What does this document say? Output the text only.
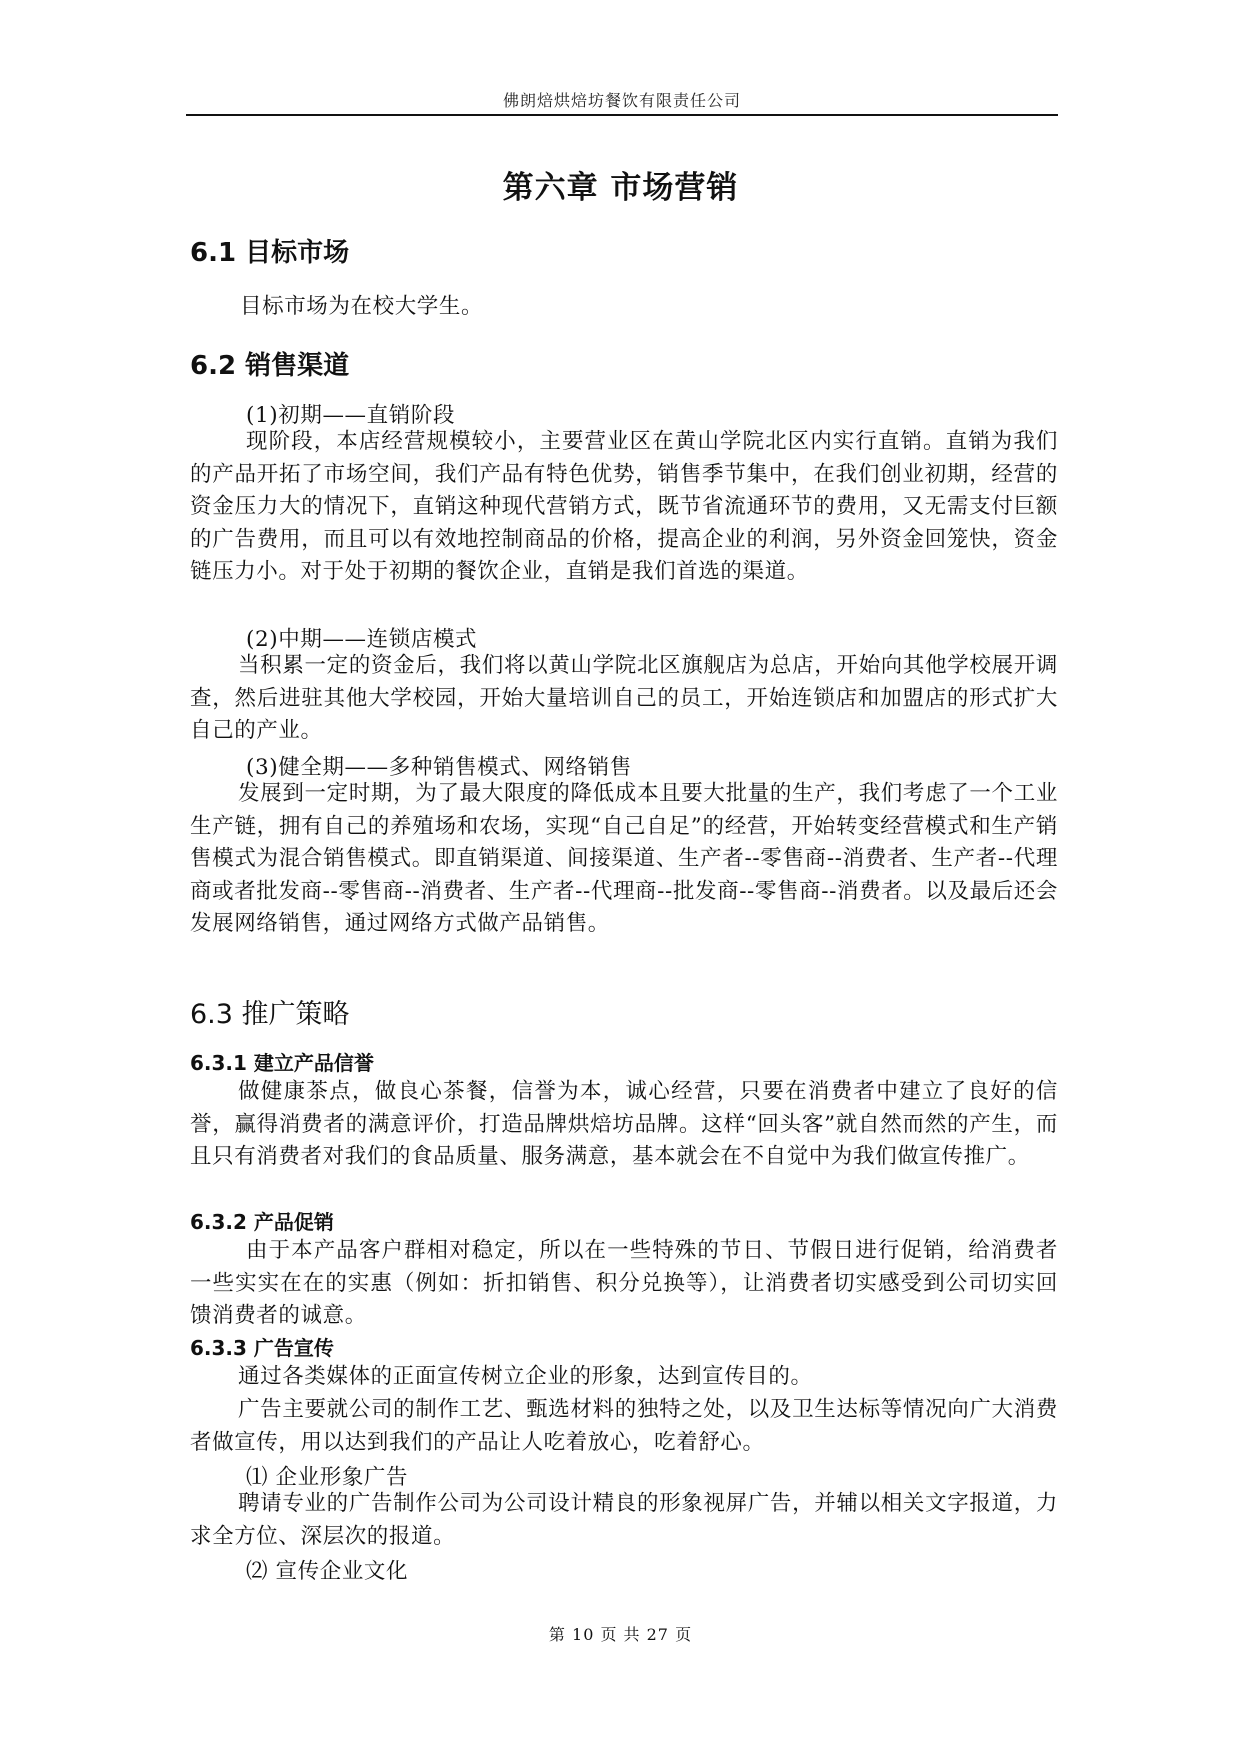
佛朗焙烘焙坊餐饮有限责任公司
第六章 市场营销
6.1 目标市场
目标市场为在校大学生。
6.2 销售渠道
(1)初期——直销阶段

现阶段，本店经营规模较小，主要营业区在黄山学院北区内实行直销。直销为我们的产品开拓了市场空间，我们产品有特色优势，销售季节集中，在我们创业初期，经营的资金压力大的情况下，直销这种现代营销方式，既节省流通环节的费用，又无需支付巨额的广告费用，而且可以有效地控制商品的价格，提高企业的利润，另外资金回笼快，资金链压力小。对于处于初期的餐饮企业，直销是我们首选的渠道。

(2)中期——连锁店模式

当积累一定的资金后，我们将以黄山学院北区旗舰店为总店，开始向其他学校展开调查，然后进驻其他大学校园，开始大量培训自己的员工，开始连锁店和加盟店的形式扩大自己的产业。

(3)健全期——多种销售模式、网络销售

发展到一定时期，为了最大限度的降低成本且要大批量的生产，我们考虑了一个工业生产链，拥有自己的养殖场和农场，实现“自己自足”的经营，开始转变经营模式和生产销售模式为混合销售模式。即直销渠道、间接渠道、生产者--零售商--消费者、生产者--代理商或者批发商--零售商--消费者、生产者--代理商--批发商--零售商--消费者。以及最后还会发展网络销售，通过网络方式做产品销售。

6.3 推广策略
6.3.1 建立产品信誉

做健康茶点，做良心茶餐，信誉为本，诚心经营，只要在消费者中建立了良好的信誉，赢得消费者的满意评价，打造品牌烘焙坊品牌。这样“回头客”就自然而然的产生，而且只有消费者对我们的食品质量、服务满意，基本就会在不自觉中为我们做宣传推广。

6.3.2 产品促销

由于本产品客户群相对稳定，所以在一些特殊的节日、节假日进行促销，给消费者一些实实在在的实惠（例如：折扣销售、积分兑换等），让消费者切实感受到公司切实回馈消费者的诚意。

6.3.3 广告宣传

通过各类媒体的正面宣传树立企业的形象，达到宣传目的。

广告主要就公司的制作工艺、甄选材料的独特之处，以及卫生达标等情况向广大消费者做宣传，用以达到我们的产品让人吃着放心，吃着舒心。

⑴ 企业形象广告

聘请专业的广告制作公司为公司设计精良的形象视屏广告，并辅以相关文字报道，力求全方位、深层次的报道。

⑵ 宣传企业文化
第 10 页 共 27 页
